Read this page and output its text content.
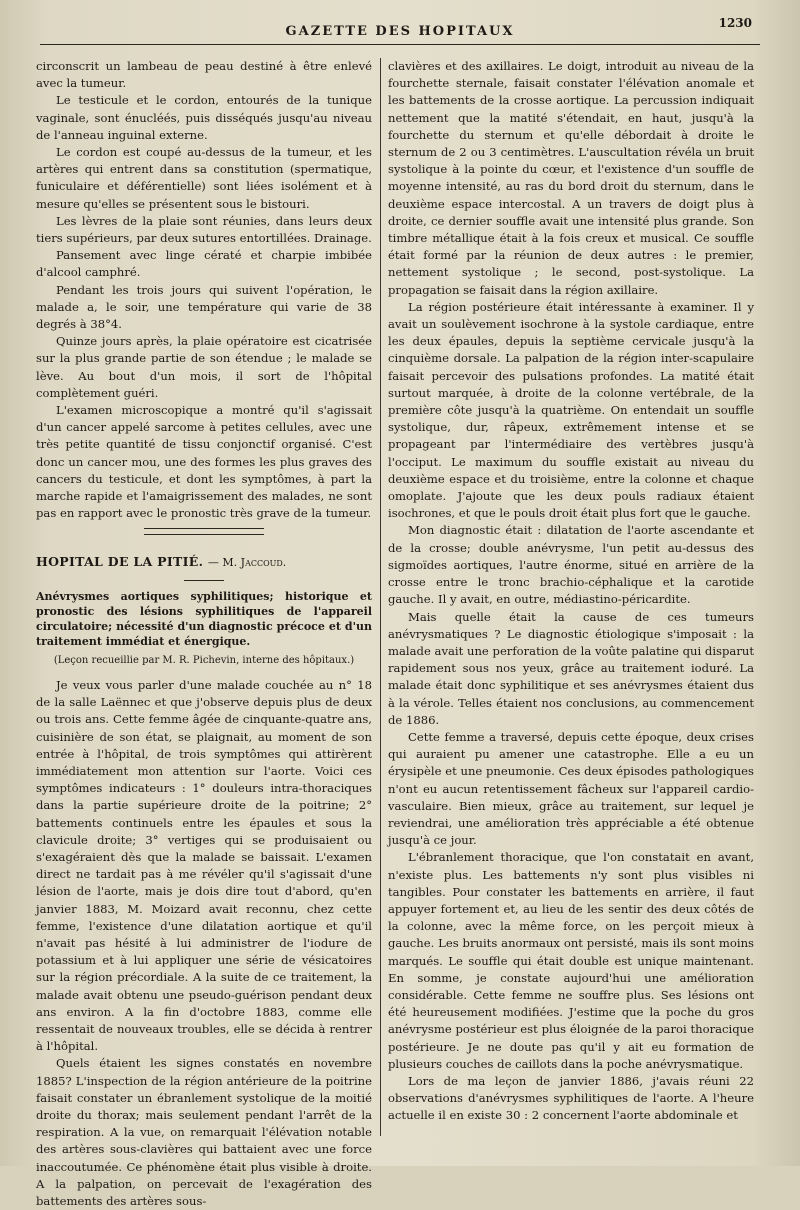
GAZETTE DES HOPITAUX
1230

circonscrit un lambeau de peau destiné à être enlevé avec la tumeur.

Le testicule et le cordon, entourés de la tunique vaginale, sont énucléés, puis disséqués jusqu'au niveau de l'anneau inguinal externe.

Le cordon est coupé au-dessus de la tumeur, et les artères qui entrent dans sa constitution (spermatique, funiculaire et déférentielle) sont liées isolément et à mesure qu'elles se présentent sous le bistouri.

Les lèvres de la plaie sont réunies, dans leurs deux tiers supérieurs, par deux sutures entortillées. Drainage.

Pansement avec linge cératé et charpie imbibée d'alcool camphré.

Pendant les trois jours qui suivent l'opération, le malade a, le soir, une température qui varie de 38 degrés à 38°4.

Quinze jours après, la plaie opératoire est cicatrisée sur la plus grande partie de son étendue ; le malade se lève. Au bout d'un mois, il sort de l'hôpital complètement guéri.

L'examen microscopique a montré qu'il s'agissait d'un cancer appelé sarcome à petites cellules, avec une très petite quantité de tissu conjonctif organisé. C'est donc un cancer mou, une des formes les plus graves des cancers du testicule, et dont les symptômes, à part la marche rapide et l'amaigrissement des malades, ne sont pas en rapport avec le pronostic très grave de la tumeur.

HOPITAL DE LA PITIÉ. — M. Jaccoud.

Anévrysmes aortiques syphilitiques; historique et pronostic des lésions syphilitiques de l'appareil circulatoire; nécessité d'un diagnostic précoce et d'un traitement immédiat et énergique.

(Leçon recueillie par M. R. Pichevin, interne des hôpitaux.)

Je veux vous parler d'une malade couchée au n° 18 de la salle Laënnec et que j'observe depuis plus de deux ou trois ans. Cette femme âgée de cinquante-quatre ans, cuisinière de son état, se plaignait, au moment de son entrée à l'hôpital, de trois symptômes qui attirèrent immédiatement mon attention sur l'aorte. Voici ces symptômes indicateurs : 1° douleurs intra-thoraciques dans la partie supérieure droite de la poitrine; 2° battements continuels entre les épaules et sous la clavicule droite; 3° vertiges qui se produisaient ou s'exagéraient dès que la malade se baissait. L'examen direct ne tardait pas à me révéler qu'il s'agissait d'une lésion de l'aorte, mais je dois dire tout d'abord, qu'en janvier 1883, M. Moizard avait reconnu, chez cette femme, l'existence d'une dilatation aortique et qu'il n'avait pas hésité à lui administrer de l'iodure de potassium et à lui appliquer une série de vésicatoires sur la région précordiale. A la suite de ce traitement, la malade avait obtenu une pseudo-guérison pendant deux ans environ. A la fin d'octobre 1883, comme elle ressentait de nouveaux troubles, elle se décida à rentrer à l'hôpital.

Quels étaient les signes constatés en novembre 1885? L'inspection de la région antérieure de la poitrine faisait constater un ébranlement systolique de la moitié droite du thorax; mais seulement pendant l'arrêt de la respiration. A la vue, on remarquait l'élévation notable des artères sous-clavières qui battaient avec une force inaccoutumée. Ce phénomène était plus visible à droite. A la palpation, on percevait de l'exagération des battements des artères sous-

clavières et des axillaires. Le doigt, introduit au niveau de la fourchette sternale, faisait constater l'élévation anomale et les battements de la crosse aortique. La percussion indiquait nettement que la matité s'étendait, en haut, jusqu'à la fourchette du sternum et qu'elle débordait à droite le sternum de 2 ou 3 centimètres. L'auscultation révéla un bruit systolique à la pointe du cœur, et l'existence d'un souffle de moyenne intensité, au ras du bord droit du sternum, dans le deuxième espace intercostal. A un travers de doigt plus à droite, ce dernier souffle avait une intensité plus grande. Son timbre métallique était à la fois creux et musical. Ce souffle était formé par la réunion de deux autres : le premier, nettement systolique ; le second, post-systolique. La propagation se faisait dans la région axillaire.

La région postérieure était intéressante à examiner. Il y avait un soulèvement isochrone à la systole cardiaque, entre les deux épaules, depuis la septième cervicale jusqu'à la cinquième dorsale. La palpation de la région inter-scapulaire faisait percevoir des pulsations profondes. La matité était surtout marquée, à droite de la colonne vertébrale, de la première côte jusqu'à la quatrième. On entendait un souffle systolique, dur, râpeux, extrêmement intense et se propageant par l'intermédiaire des vertèbres jusqu'à l'occiput. Le maximum du souffle existait au niveau du deuxième espace et du troisième, entre la colonne et chaque omoplate. J'ajoute que les deux pouls radiaux étaient isochrones, et que le pouls droit était plus fort que le gauche.

Mon diagnostic était : dilatation de l'aorte ascendante et de la crosse; double anévrysme, l'un petit au-dessus des sigmoïdes aortiques, l'autre énorme, situé en arrière de la crosse entre le tronc brachio-céphalique et la carotide gauche. Il y avait, en outre, médiastino-péricardite.

Mais quelle était la cause de ces tumeurs anévrysmatiques ? Le diagnostic étiologique s'imposait : la malade avait une perforation de la voûte palatine qui disparut rapidement sous nos yeux, grâce au traitement ioduré. La malade était donc syphilitique et ses anévrysmes étaient dus à la vérole. Telles étaient nos conclusions, au commencement de 1886.

Cette femme a traversé, depuis cette époque, deux crises qui auraient pu amener une catastrophe. Elle a eu un érysipèle et une pneumonie. Ces deux épisodes pathologiques n'ont eu aucun retentissement fâcheux sur l'appareil cardio-vasculaire. Bien mieux, grâce au traitement, sur lequel je reviendrai, une amélioration très appréciable a été obtenue jusqu'à ce jour.

L'ébranlement thoracique, que l'on constatait en avant, n'existe plus. Les battements n'y sont plus visibles ni tangibles. Pour constater les battements en arrière, il faut appuyer fortement et, au lieu de les sentir des deux côtés de la colonne, avec la même force, on les perçoit mieux à gauche. Les bruits anormaux ont persisté, mais ils sont moins marqués. Le souffle qui était double est unique maintenant. En somme, je constate aujourd'hui une amélioration considérable. Cette femme ne souffre plus. Ses lésions ont été heureusement modifiées. J'estime que la poche du gros anévrysme postérieur est plus éloignée de la paroi thoracique postérieure. Je ne doute pas qu'il y ait eu formation de plusieurs couches de caillots dans la poche anévrysmatique.

Lors de ma leçon de janvier 1886, j'avais réuni 22 observations d'anévrysmes syphilitiques de l'aorte. A l'heure actuelle il en existe 30 : 2 concernent l'aorte abdominale et
